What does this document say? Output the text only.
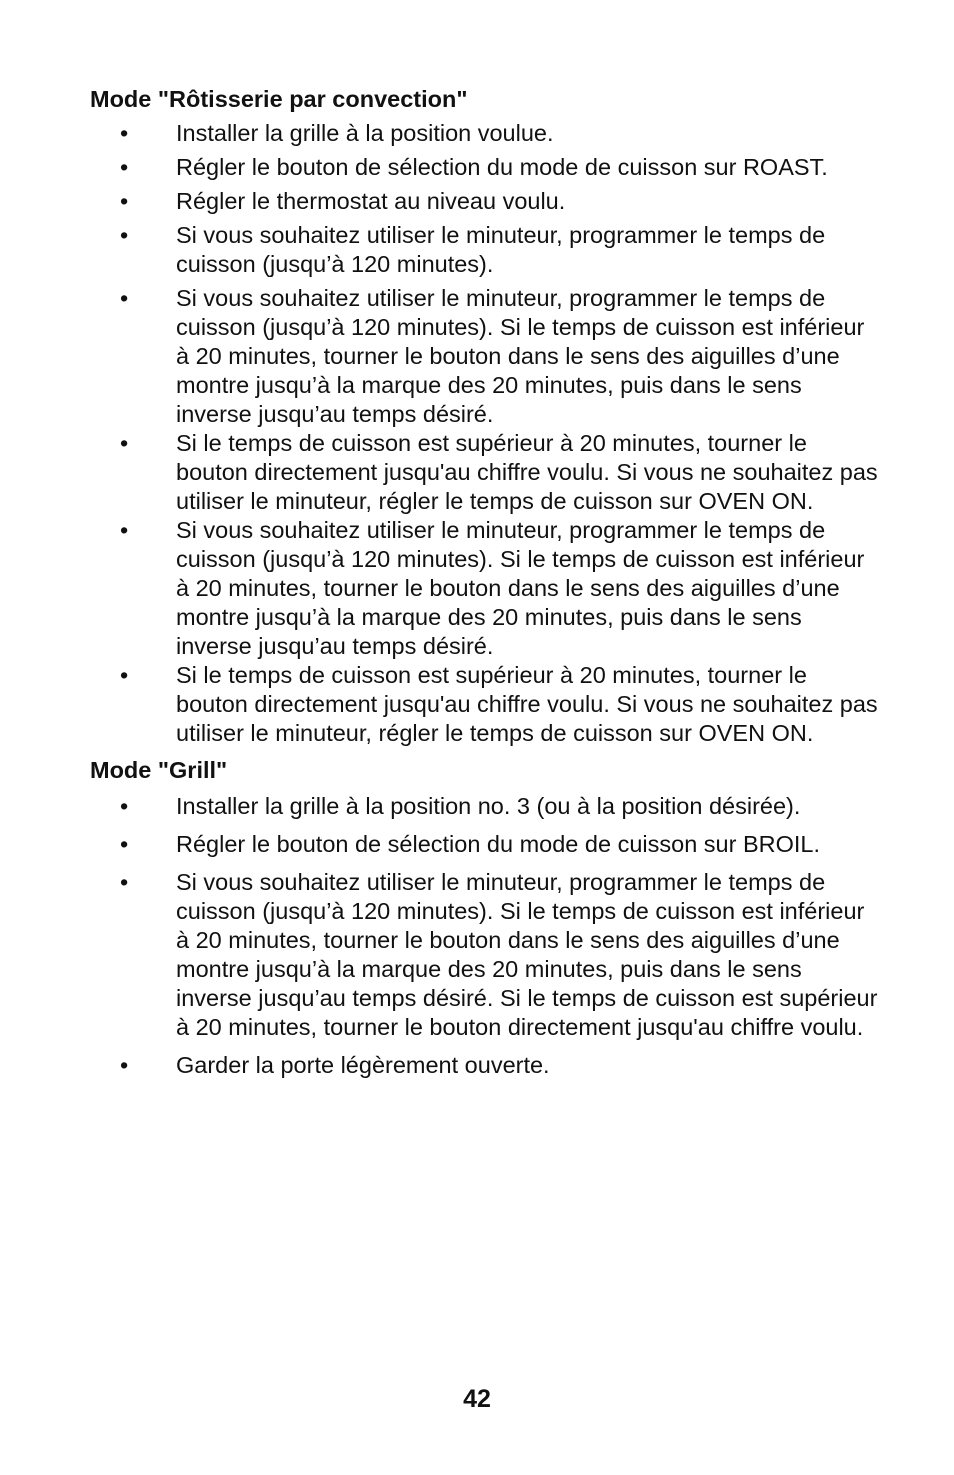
Mode "Rôtisserie par convection"
• Installer la grille à la position voulue.
• Régler le bouton de sélection du mode de cuisson sur ROAST.
• Régler le thermostat au niveau voulu.
• Si vous souhaitez utiliser le minuteur, programmer le temps de cuisson (jusqu’à 120 minutes).
• Si vous souhaitez utiliser le minuteur, programmer le temps de cuisson (jusqu’à 120 minutes). Si le temps de cuisson est inférieur à 20 minutes, tourner le bouton dans le sens des aiguilles d’une montre jusqu’à la marque des 20 minutes, puis dans le sens inverse jusqu’au temps désiré.
• Si le temps de cuisson est supérieur à 20 minutes, tourner le bouton directement jusqu'au chiffre voulu. Si vous ne souhaitez pas utiliser le minuteur, régler le temps de cuisson sur OVEN ON.
• Si vous souhaitez utiliser le minuteur, programmer le temps de cuisson (jusqu’à 120 minutes). Si le temps de cuisson est inférieur à 20 minutes, tourner le bouton dans le sens des aiguilles d’une montre jusqu’à la marque des 20 minutes, puis dans le sens inverse jusqu’au temps désiré.
• Si le temps de cuisson est supérieur à 20 minutes, tourner le bouton directement jusqu'au chiffre voulu. Si vous ne souhaitez pas utiliser le minuteur, régler le temps de cuisson sur OVEN ON.
Mode "Grill"
• Installer la grille à la position no. 3 (ou à la position désirée).
• Régler le bouton de sélection du mode de cuisson sur BROIL.
• Si vous souhaitez utiliser le minuteur, programmer le temps de cuisson (jusqu’à 120 minutes). Si le temps de cuisson est inférieur à 20 minutes, tourner le bouton dans le sens des aiguilles d’une montre jusqu’à la marque des 20 minutes, puis dans le sens inverse jusqu’au temps désiré. Si le temps de cuisson est supérieur à 20 minutes, tourner le bouton directement jusqu'au chiffre voulu.
• Garder la porte légèrement ouverte.
42
